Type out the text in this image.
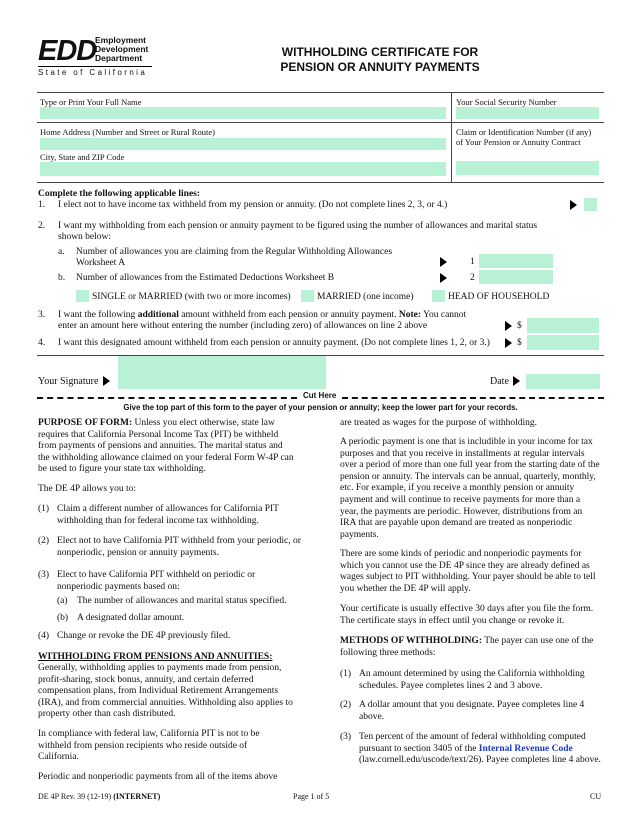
EDD
Employment
Development
Department
State of California
WITHHOLDING CERTIFICATE FOR
PENSION OR ANNUITY PAYMENTS
Type or Print Your Full Name	Your Social Security Number
Home Address (Number and Street or Rural Route)	Claim or Identification Number (if any)
of Your Pension or Annuity Contract
City, State and ZIP Code
Complete the following applicable lines:
1. I elect not to have income tax withheld from my pension or annuity. (Do not complete lines 2, 3, or 4.)
2. I want my withholding from each pension or annuity payment to be figured using the number of allowances and marital status
shown below:
a. Number of allowances you are claiming from the Regular Withholding Allowances
Worksheet A	1
b. Number of allowances from the Estimated Deductions Worksheet B	2
SINGLE or MARRIED (with two or more incomes)	MARRIED (one income)	HEAD OF HOUSEHOLD
3. I want the following additional amount withheld from each pension or annuity payment. Note: You cannot
enter an amount here without entering the number (including zero) of allowances on line 2 above	$
4. I want this designated amount withheld from each pension or annuity payment. (Do not complete lines 1, 2, or 3.)	$
Your Signature	Date
Cut Here
Give the top part of this form to the payer of your pension or annuity; keep the lower part for your records.
PURPOSE OF FORM: Unless you elect otherwise, state law requires that California Personal Income Tax (PIT) be withheld from payments of pensions and annuities. The marital status and the withholding allowance claimed on your federal Form W-4P can be used to figure your state tax withholding.
The DE 4P allows you to:
(1) Claim a different number of allowances for California PIT withholding than for federal income tax withholding.
(2) Elect not to have California PIT withheld from your periodic, or nonperiodic, pension or annuity payments.
(3) Elect to have California PIT withheld on periodic or nonperiodic payments based on:
(a) The number of allowances and marital status specified.
(b) A designated dollar amount.
(4) Change or revoke the DE 4P previously filed.
WITHHOLDING FROM PENSIONS AND ANNUITIES:
Generally, withholding applies to payments made from pension, profit-sharing, stock bonus, annuity, and certain deferred compensation plans, from Individual Retirement Arrangements (IRA), and from commercial annuities. Withholding also applies to property other than cash distributed.
In compliance with federal law, California PIT is not to be withheld from pension recipients who reside outside of California.
Periodic and nonperiodic payments from all of the items above
are treated as wages for the purpose of withholding.
A periodic payment is one that is includible in your income for tax purposes and that you receive in installments at regular intervals over a period of more than one full year from the starting date of the pension or annuity. The intervals can be annual, quarterly, monthly, etc. For example, if you receive a monthly pension or annuity payment and will continue to receive payments for more than a year, the payments are periodic. However, distributions from an IRA that are payable upon demand are treated as nonperiodic payments.
There are some kinds of periodic and nonperiodic payments for which you cannot use the DE 4P since they are already defined as wages subject to PIT withholding. Your payer should be able to tell you whether the DE 4P will apply.
Your certificate is usually effective 30 days after you file the form. The certificate stays in effect until you change or revoke it.
METHODS OF WITHHOLDING: The payer can use one of the following three methods:
(1) An amount determined by using the California withholding schedules. Payee completes lines 2 and 3 above.
(2) A dollar amount that you designate. Payee completes line 4 above.
(3) Ten percent of the amount of federal withholding computed pursuant to section 3405 of the Internal Revenue Code (law.cornell.edu/uscode/text/26). Payee completes line 4 above.
DE 4P Rev. 39 (12-19) (INTERNET)	Page 1 of 5	CU
